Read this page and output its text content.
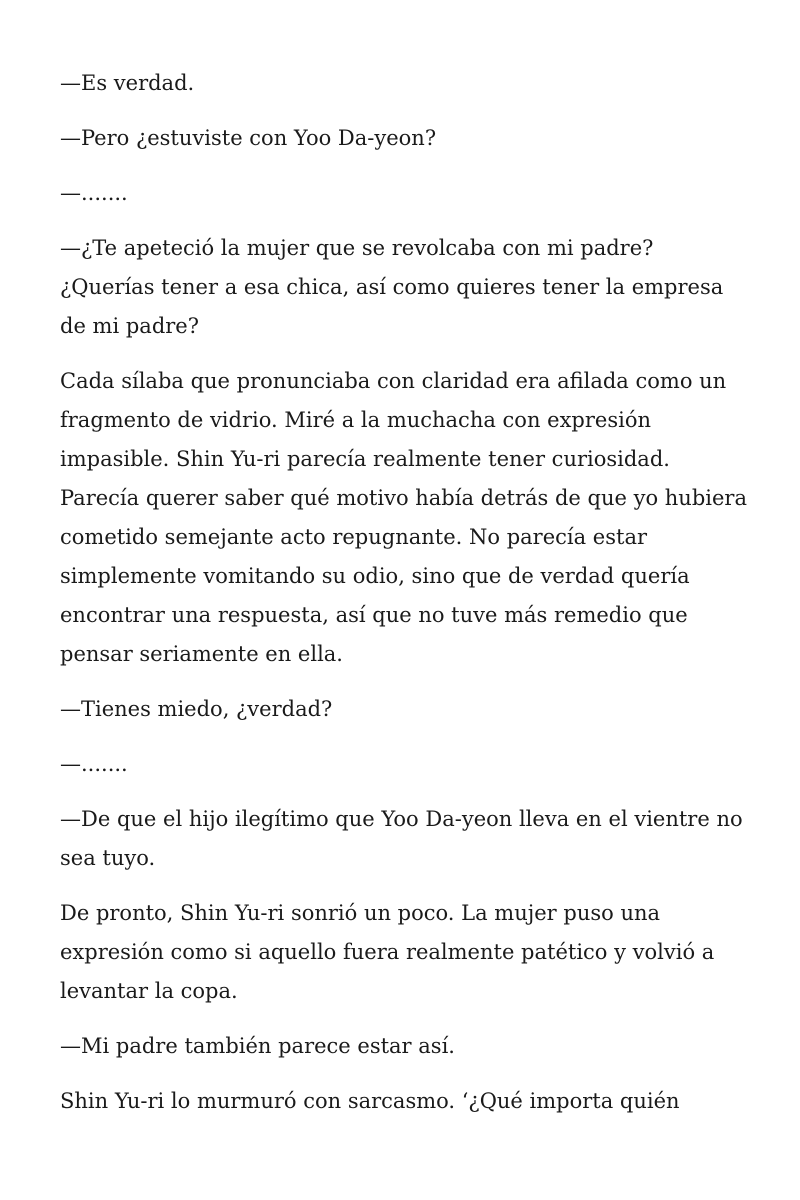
—Es verdad.

—Pero ¿estuviste con Yoo Da-yeon?

—.......

—¿Te apeteció la mujer que se revolcaba con mi padre? ¿Querías tener a esa chica, así como quieres tener la empresa de mi padre?

Cada sílaba que pronunciaba con claridad era afilada como un fragmento de vidrio. Miré a la muchacha con expresión impasible. Shin Yu-ri parecía realmente tener curiosidad. Parecía querer saber qué motivo había detrás de que yo hubiera cometido semejante acto repugnante. No parecía estar simplemente vomitando su odio, sino que de verdad quería encontrar una respuesta, así que no tuve más remedio que pensar seriamente en ella.

—Tienes miedo, ¿verdad?

—.......

—De que el hijo ilegítimo que Yoo Da-yeon lleva en el vientre no sea tuyo.

De pronto, Shin Yu-ri sonrió un poco. La mujer puso una expresión como si aquello fuera realmente patético y volvió a levantar la copa.

—Mi padre también parece estar así.

Shin Yu-ri lo murmuró con sarcasmo. ‘¿Qué importa quién
